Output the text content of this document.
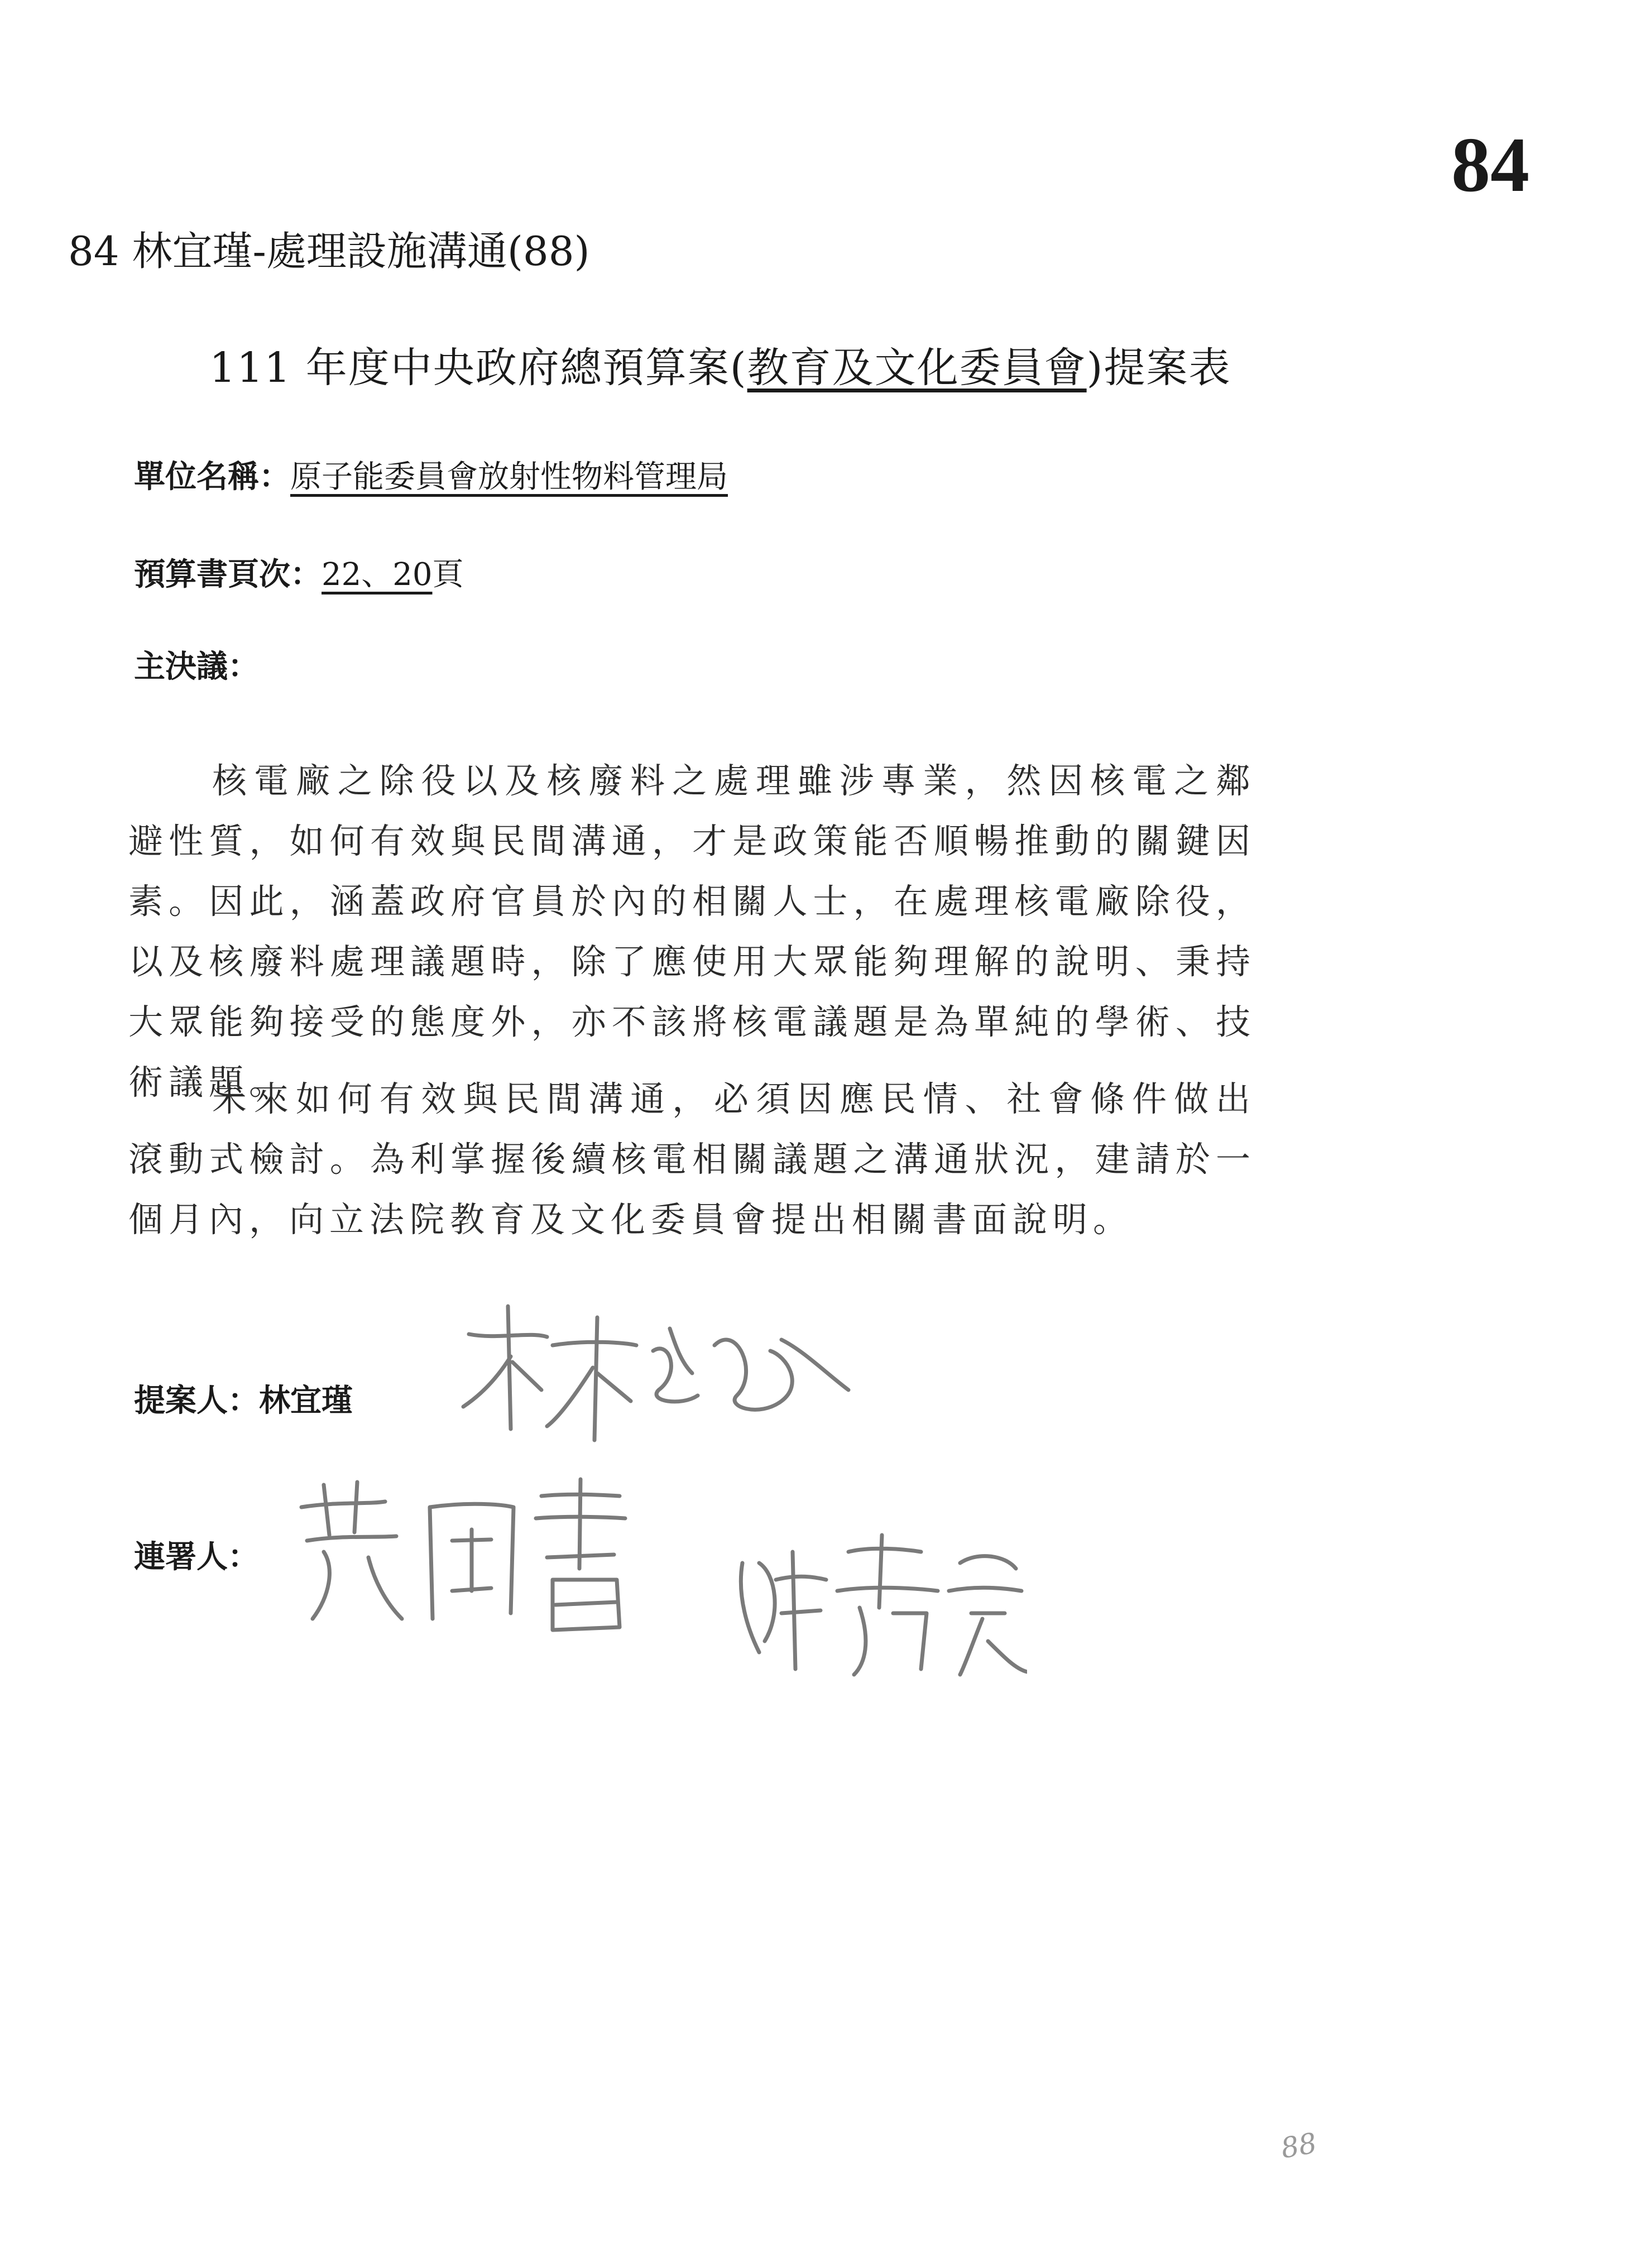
84
84 林宜瑾-處理設施溝通(88)
111 年度中央政府總預算案(教育及文化委員會)提案表
單位名稱：原子能委員會放射性物料管理局
預算書頁次：22、20頁
主決議：

核電廠之除役以及核廢料之處理雖涉專業，然因核電之鄰避性質，如何有效與民間溝通，才是政策能否順暢推動的關鍵因素。因此，涵蓋政府官員於內的相關人士，在處理核電廠除役，以及核廢料處理議題時，除了應使用大眾能夠理解的說明、秉持大眾能夠接受的態度外，亦不該將核電議題是為單純的學術、技術議題。

未來如何有效與民間溝通，必須因應民情、社會條件做出滾動式檢討。為利掌握後續核電相關議題之溝通狀況，建請於一個月內，向立法院教育及文化委員會提出相關書面說明。

提案人：林宜瑾
連署人：
88
